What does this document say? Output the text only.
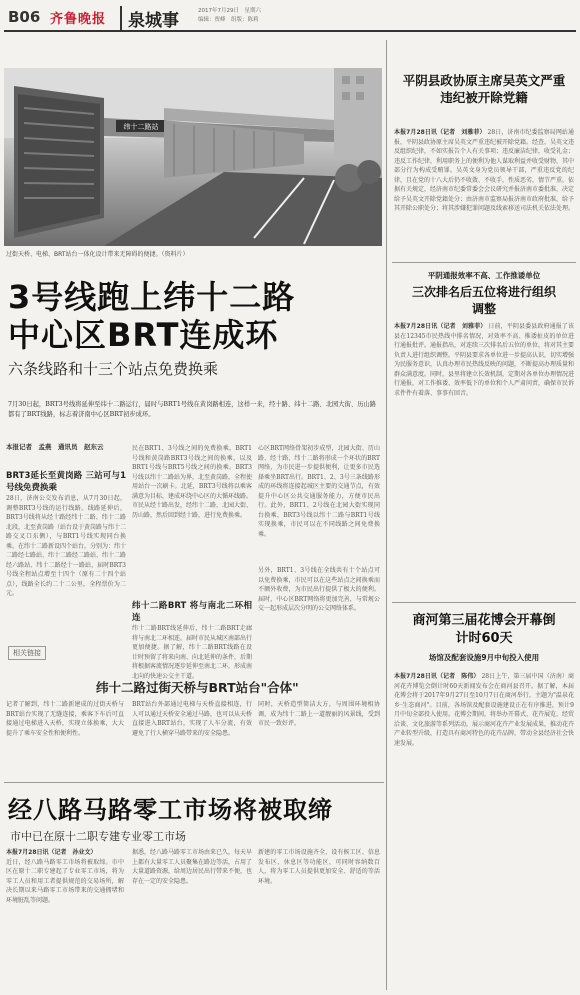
B06 齐鲁晚报	泉城事	2017年7月29日　星期六
编辑：贾峰　组版：陈莉
纬十二路站
过街天桥、电梯、BRT站台一体化设计带来无障碍的便捷。（资料片）
3号线跑上纬十二路
中心区BRT连成环
六条线路和十三个站点免费换乘
7月30日起，BRT3号线将延伸至纬十二路运行，届时与BRT1号线在黄岗路相连，这样一来，经十路、纬十二路、北园大街、历山路都有了BRT线路，标志着济南中心区BRT初步成环。
本报记者　孟燕　通讯员　赵东云
BRT3延长至黄岗路 三站可与1号线免费换乘
28日，济南公交发布消息，从7月30日起，调整BRT3号线的运行线路。线路延伸后，BRT3号线将从经十路经纬十二路、纬十二路北段，北至黄岗路（站台设于黄岗路与纬十二路交叉口东侧），与BRT1号线实现同台换乘。在纬十二路新设四个站台，分别为：纬十二路经七路站、纬十二路经二路站、纬十二路经六路站、纬十二路经十一路站，届时BRT3号线全程站点增至十四个（原有二十四个站点），线路全长约二十二公里，全程票价为二元。
民在BRT1、3号线之间的免费换乘，BRT1号线和黄岗路BRT3号线之间的换乘，以及BRT1号线与BRT5号线之间的换乘。BRT3号线以纬十二路站为界，北至黄岗路，全程使用站台一次刷卡。北延，BRT3号线将以乘客满意为目标，建成环绕中心区的大循环线路。市民从经十路出发，经纬十二路、北园大街、历山路，然后回到经十路，进行免费换乘。
纬十二路BRT 将与南北二环相连
纬十二路BRT线延伸后，纬十二路BRT走廊将与南北二环相连，届时市民从城区南部出行更加便捷。据了解，纬十二路BRT线路在设计时预留了将来向南、向北延伸的条件，后期将根据客流情况逐步延伸至南北二环，形成南北向的快速公交主干道。
心区BRT网络骨架初步成型，北园大街、历山路、经十路、纬十二路将形成一个环状的BRT网络，为市民进一步提供便利，让更多市民选择乘坐BRT出行。BRT1、2、3号三条线路形成的环线将连接起城区主要的交通节点，有效提升中心区公共交通服务能力，方便市民出行。此外，BRT1、2号线在北园大街实现同台换乘，BRT3号线以纬十二路与BRT1号线实现换乘，市民可以在不同线路之间免费换乘。
另外，BRT1、3号线在全线共有十个站点可以免费换乘，市民可以在这些站点之间换乘而不额外收费，为市民出行提供了极大的便利。届时，中心区BRT网络将更加完善，与常规公交一起形成层次分明的公交网络体系。
相关链接
纬十二路过街天桥与BRT站台"合体"
记者了解到，纬十二路新建成的过街天桥与BRT站台实现了无缝连接，乘客下车后可直接通过电梯进入天桥，实现立体换乘，大大提升了乘车安全性和便利性。
BRT站台外部通过电梯与天桥直接相连，行人可以通过天桥安全通过马路，也可以从天桥直接进入BRT站台，实现了人车分流，有效避免了行人横穿马路带来的安全隐患。
同时，天桥造型简洁大方，与周围环境相协调，成为纬十二路上一道靓丽的风景线，受到市民一致好评。
经八路马路零工市场将被取缔
市中已在原十二职专建专业零工市场
本报7月28日讯（记者　孙业文）
近日，经八路马路零工市场将被取缔。市中区在原十二职专建起了专业零工市场，将为零工人员和用工者提供规范的交易场所，解决长期以来马路零工市场带来的交通拥堵和环境脏乱等问题。
据悉，经八路马路零工市场由来已久，每天早上都有大量零工人员聚集在路边等活，占用了大量道路资源，给周边居民出行带来不便，也存在一定的安全隐患。
新建的零工市场设施齐全，设有候工区、信息发布区、休息区等功能区，可同时容纳数百人，将为零工人员提供更加安全、舒适的等活环境。
平阴县政协原主席吴英文严重违纪被开除党籍
本报7月28日讯（记者　刘雅菲） 28日，济南市纪委监察局网站通报，平阴县政协原主席吴英文严重违纪被开除党籍。经查，吴英文违反组织纪律，不如实报告个人有关事项；违反廉洁纪律，收受礼金；违反工作纪律，利用职务上的便利为他人谋取利益并收受财物，其中部分行为构成受贿罪。吴英文身为党员领导干部，严重违反党的纪律，且在党的十八大后仍不收敛、不收手，性质恶劣，情节严重。依据有关规定，经济南市纪委常委会会议研究并报济南市委批准，决定给予吴英文开除党籍处分；由济南市监察局报济南市政府批准，给予其开除公职处分；将其涉嫌犯罪问题及线索移送司法机关依法处理。
平阴通报效率不高、工作推诿单位
三次排名后五位将进行组织调整
本报7月28日讯（记者　刘雅菲） 日前，平阴县委县政府通报了该县在12345市民热线中排名情况，对效率不高、推诿扯皮的单位进行通报批评。通报指出，对连续三次排名后五位的单位，将对其主要负责人进行组织调整。平阴县要求各单位进一步提高认识，切实增强为民服务意识，认真办理市民热线反映的问题，不断提高办理质量和群众满意度。同时，县里将建立长效机制，定期对各单位办理情况进行通报，对工作推诿、效率低下的单位和个人严肃问责，确保市民诉求件件有着落、事事有回音。
商河第三届花博会开幕倒计时60天
场馆及配套设施9月中旬投入使用
本报7月28日讯（记者　陈伟） 28日上午，第三届中国（济南）商河花卉博览会倒计时60天新闻发布会在商河县召开。据了解，本届花博会将于2017年9月27日至10月7日在商河举行，主题为"温泉花乡·生态商河"。目前，各场馆及配套设施建设正在有序推进，预计9月中旬全部投入使用。花博会期间，将举办开幕式、花卉展览、经贸洽谈、文化旅游等系列活动，展示商河花卉产业发展成果，推动花卉产业转型升级，打造具有商河特色的花卉品牌，带动全县经济社会快速发展。
